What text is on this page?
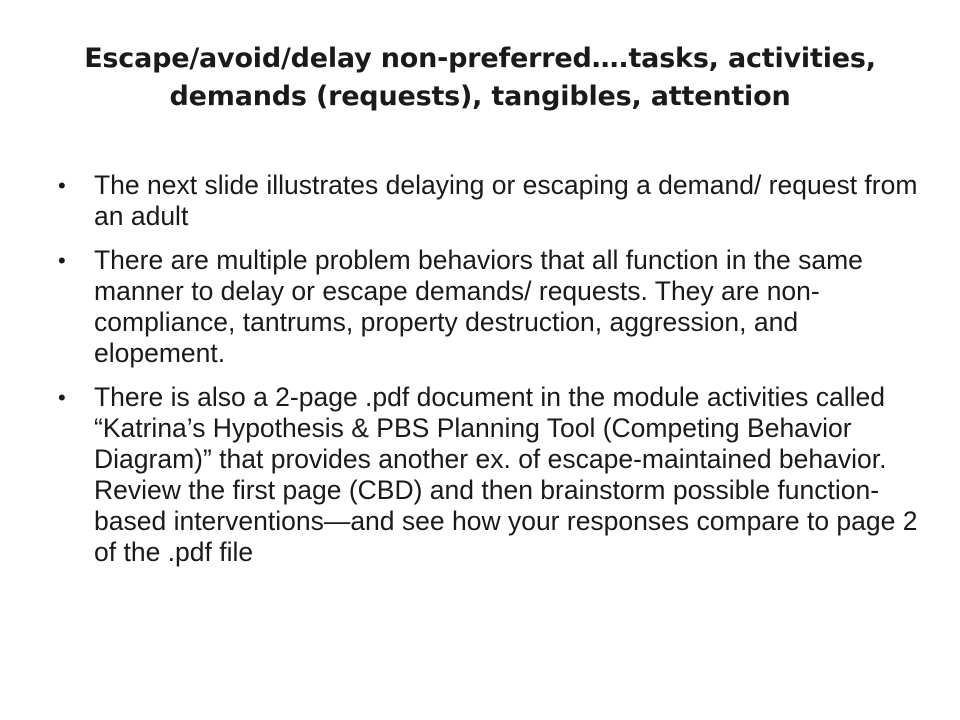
Escape/avoid/delay non-preferred….tasks, activities, demands (requests), tangibles, attention
•	The next slide illustrates delaying or escaping a demand/ request from an adult
•	There are multiple problem behaviors that all function in the same manner to delay or escape demands/ requests. They are non-compliance, tantrums, property destruction, aggression, and elopement.
•	There is also a 2-page .pdf document in the module activities called “Katrina’s Hypothesis & PBS Planning Tool (Competing Behavior Diagram)” that provides another ex. of escape-maintained behavior. Review the first page (CBD) and then brainstorm possible function-based interventions—and see how your responses compare to page 2 of the .pdf file
